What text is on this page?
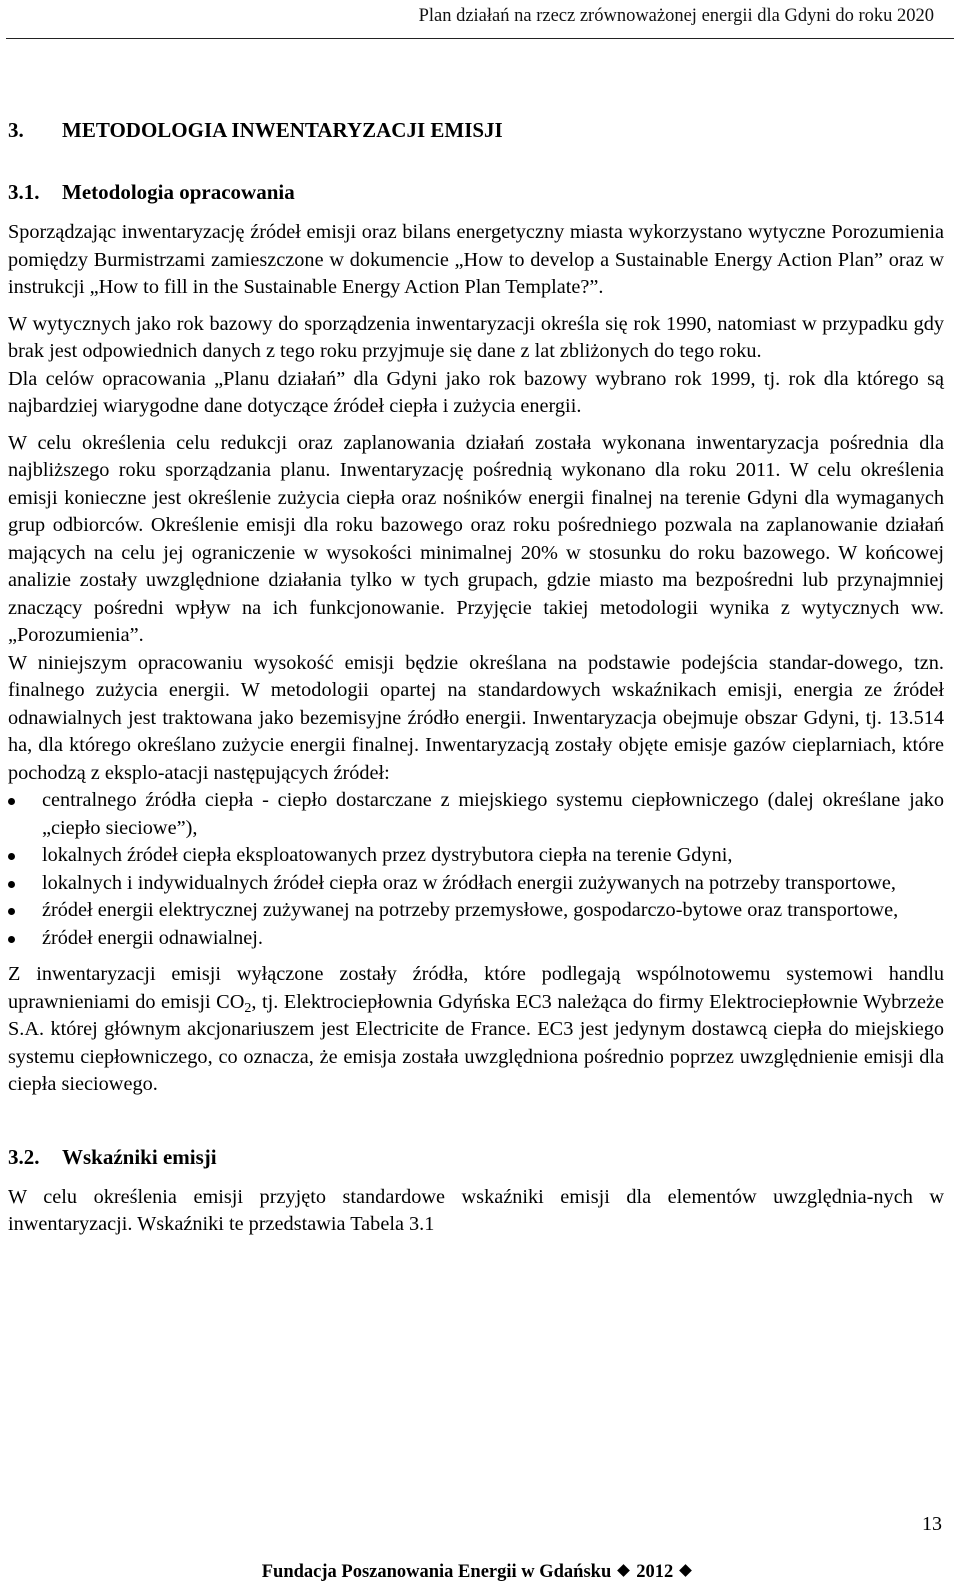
Plan działań na rzecz zrównoważonej energii dla Gdyni do roku 2020
3. METODOLOGIA INWENTARYZACJI EMISJI
3.1. Metodologia opracowania

Sporządzając inwentaryzację źródeł emisji oraz bilans energetyczny miasta wykorzystano wytyczne Porozumienia pomiędzy Burmistrzami zamieszczone w dokumencie „How to develop a Sustainable Energy Action Plan” oraz w instrukcji „How to fill in the Sustainable Energy Action Plan Template?”.

W wytycznych jako rok bazowy do sporządzenia inwentaryzacji określa się rok 1990, natomiast w przypadku gdy brak jest odpowiednich danych z tego roku przyjmuje się dane z lat zbliżonych do tego roku.

Dla celów opracowania „Planu działań” dla Gdyni jako rok bazowy wybrano rok 1999, tj. rok dla którego są najbardziej wiarygodne dane dotyczące źródeł ciepła i zużycia energii.

W celu określenia celu redukcji oraz zaplanowania działań została wykonana inwentaryzacja pośrednia dla najbliższego roku sporządzania planu. Inwentaryzację pośrednią wykonano dla roku 2011. W celu określenia emisji konieczne jest określenie zużycia ciepła oraz nośników energii finalnej na terenie Gdyni dla wymaganych grup odbiorców. Określenie emisji dla roku bazowego oraz roku pośredniego pozwala na zaplanowanie działań mających na celu jej ograniczenie w wysokości minimalnej 20% w stosunku do roku bazowego. W końcowej analizie zostały uwzględnione działania tylko w tych grupach, gdzie miasto ma bezpośredni lub przynajmniej znaczący pośredni wpływ na ich funkcjonowanie. Przyjęcie takiej metodologii wynika z wytycznych ww. „Porozumienia”.

W niniejszym opracowaniu wysokość emisji będzie określana na podstawie podejścia standar-dowego, tzn. finalnego zużycia energii. W metodologii opartej na standardowych wskaźnikach emisji, energia ze źródeł odnawialnych jest traktowana jako bezemisyjne źródło energii. Inwentaryzacja obejmuje obszar Gdyni, tj. 13.514 ha, dla którego określano zużycie energii finalnej. Inwentaryzacją zostały objęte emisje gazów cieplarniach, które pochodzą z eksplo-atacji następujących źródeł:

centralnego źródła ciepła - ciepło dostarczane z miejskiego systemu ciepłowniczego (dalej określane jako „ciepło sieciowe”),
lokalnych źródeł ciepła eksploatowanych przez dystrybutora ciepła na terenie Gdyni,
lokalnych i indywidualnych źródeł ciepła oraz w źródłach energii zużywanych na potrzeby transportowe,
źródeł energii elektrycznej zużywanej na potrzeby przemysłowe, gospodarczo-bytowe oraz transportowe,
źródeł energii odnawialnej.

Z inwentaryzacji emisji wyłączone zostały źródła, które podlegają wspólnotowemu systemowi handlu uprawnieniami do emisji $CO_2$, tj. Elektrociepłownia Gdyńska EC3 należąca do firmy Elektrociepłownie Wybrzeże S.A. której głównym akcjonariuszem jest Electricite de France. EC3 jest jedynym dostawcą ciepła do miejskiego systemu ciepłowniczego, co oznacza, że emisja została uwzględniona pośrednio poprzez uwzględnienie emisji dla ciepła sieciowego.

3.2. Wskaźniki emisji

W celu określenia emisji przyjęto standardowe wskaźniki emisji dla elementów uwzględnia-nych w inwentaryzacji. Wskaźniki te przedstawia Tabela 3.1

13
Fundacja Poszanowania Energii w Gdańsku 2012
